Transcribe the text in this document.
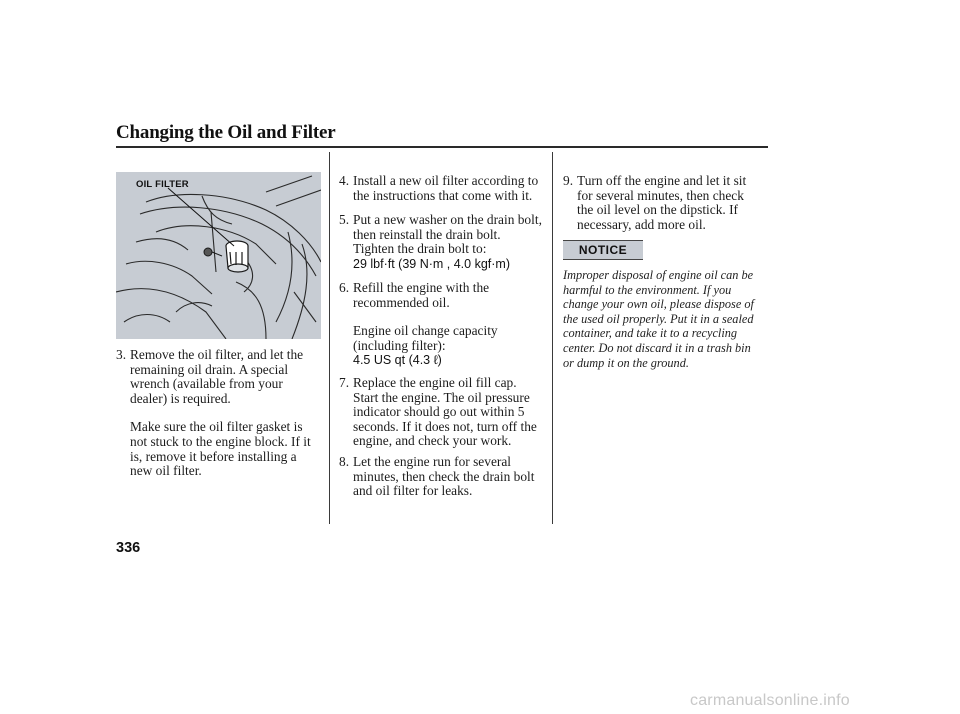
Changing the Oil and Filter
OIL FILTER
3. Remove the oil filter, and let the
remaining oil drain. A special
wrench (available from your
dealer) is required.
Make sure the oil filter gasket is
not stuck to the engine block. If it
is, remove it before installing a
new oil filter.
4. Install a new oil filter according to
the instructions that come with it.
5. Put a new washer on the drain bolt,
then reinstall the drain bolt.
Tighten the drain bolt to:
29 lbf·ft (39 N·m , 4.0 kgf·m)
6. Refill the engine with the
recommended oil.
Engine oil change capacity
(including filter):
4.5 US qt (4.3 ℓ)
7. Replace the engine oil fill cap.
Start the engine. The oil pressure
indicator should go out within 5
seconds. If it does not, turn off the
engine, and check your work.
8. Let the engine run for several
minutes, then check the drain bolt
and oil filter for leaks.
9. Turn off the engine and let it sit
for several minutes, then check
the oil level on the dipstick. If
necessary, add more oil.
NOTICE
Improper disposal of engine oil can be
harmful to the environment. If you
change your own oil, please dispose of
the used oil properly. Put it in a sealed
container, and take it to a recycling
center. Do not discard it in a trash bin
or dump it on the ground.
336
carmanualsonline.info
